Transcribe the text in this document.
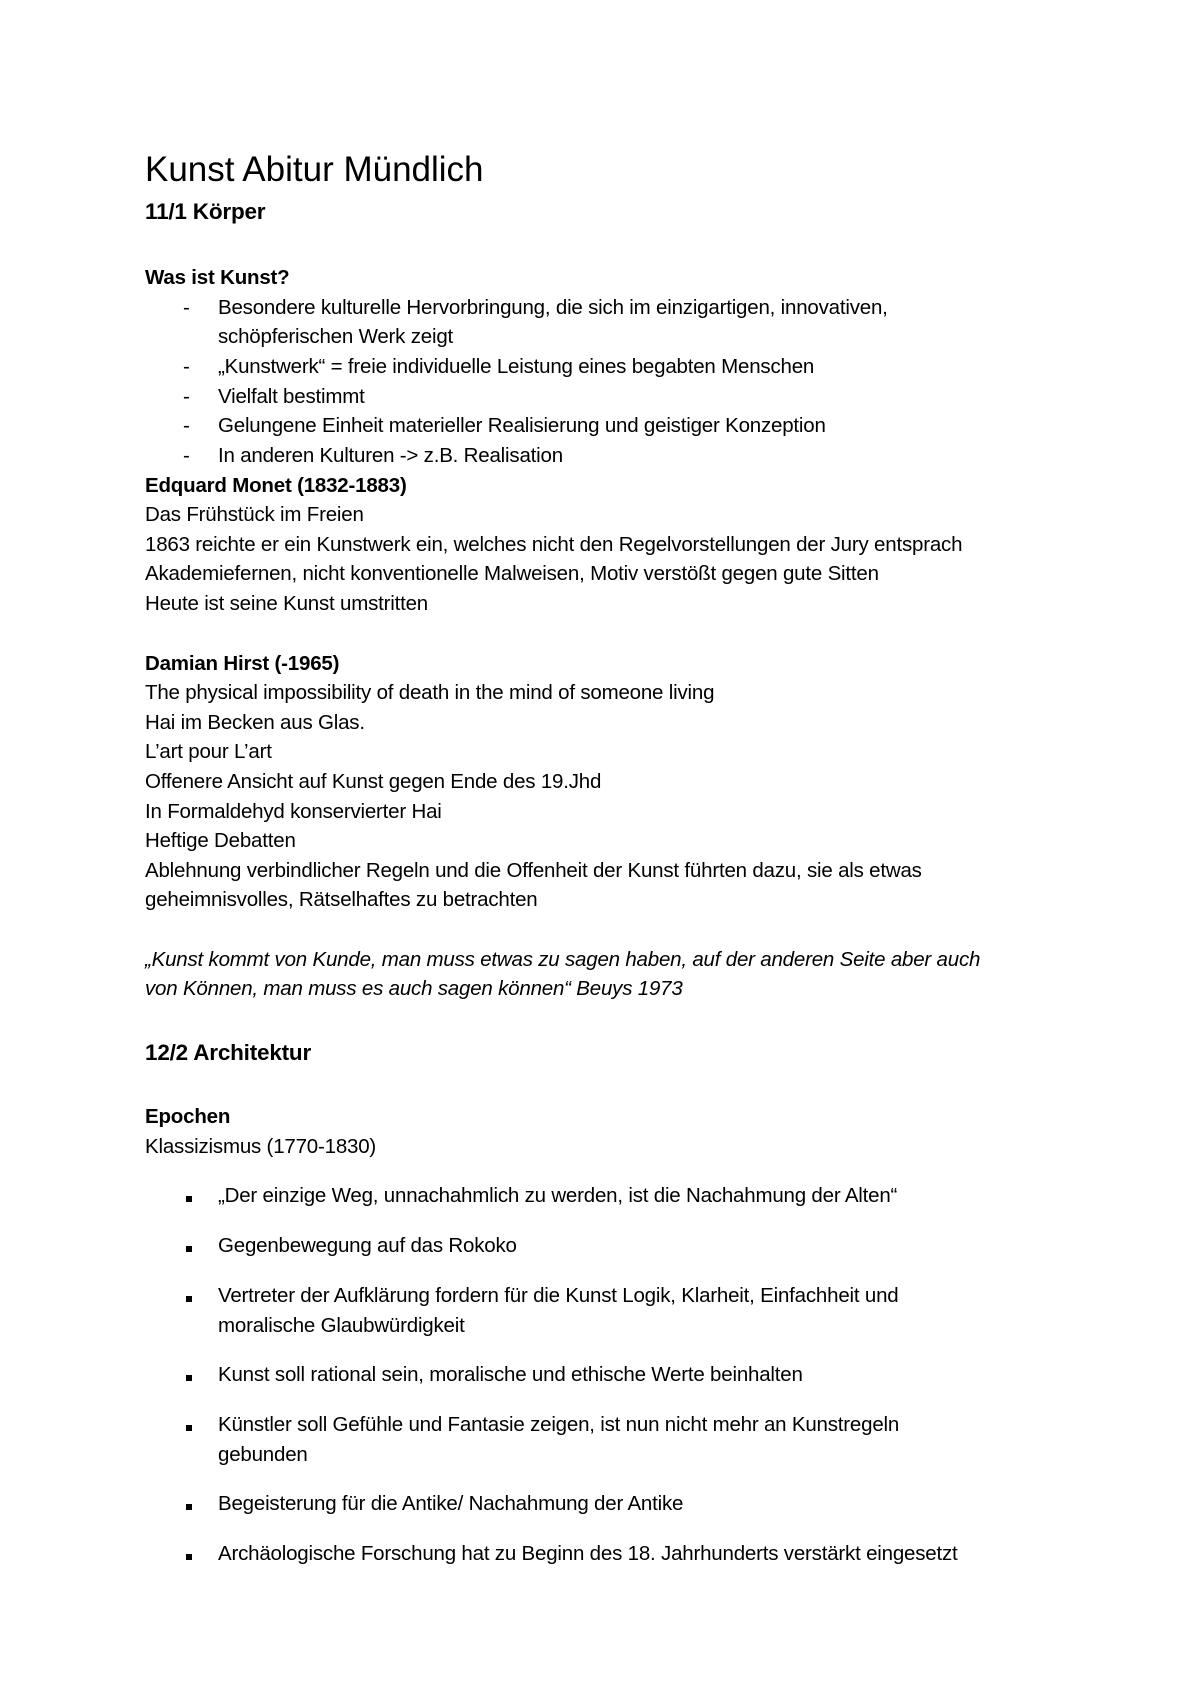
Kunst Abitur Mündlich
11/1 Körper
Was ist Kunst?
- Besondere kulturelle Hervorbringung, die sich im einzigartigen, innovativen,
schöpferischen Werk zeigt
- „Kunstwerk“ = freie individuelle Leistung eines begabten Menschen
- Vielfalt bestimmt
- Gelungene Einheit materieller Realisierung und geistiger Konzeption
- In anderen Kulturen -> z.B. Realisation
Edquard Monet (1832-1883)
Das Frühstück im Freien
1863 reichte er ein Kunstwerk ein, welches nicht den Regelvorstellungen der Jury entsprach
Akademiefernen, nicht konventionelle Malweisen, Motiv verstößt gegen gute Sitten
Heute ist seine Kunst umstritten
Damian Hirst (-1965)
The physical impossibility of death in the mind of someone living
Hai im Becken aus Glas.
L’art pour L’art
Offenere Ansicht auf Kunst gegen Ende des 19.Jhd
In Formaldehyd konservierter Hai
Heftige Debatten
Ablehnung verbindlicher Regeln und die Offenheit der Kunst führten dazu, sie als etwas
geheimnisvolles, Rätselhaftes zu betrachten
„Kunst kommt von Kunde, man muss etwas zu sagen haben, auf der anderen Seite aber auch
von Können, man muss es auch sagen können“ Beuys 1973
12/2 Architektur
Epochen
Klassizismus (1770-1830)
„Der einzige Weg, unnachahmlich zu werden, ist die Nachahmung der Alten“
Gegenbewegung auf das Rokoko
Vertreter der Aufklärung fordern für die Kunst Logik, Klarheit, Einfachheit und
moralische Glaubwürdigkeit
Kunst soll rational sein, moralische und ethische Werte beinhalten
Künstler soll Gefühle und Fantasie zeigen, ist nun nicht mehr an Kunstregeln
gebunden
Begeisterung für die Antike/ Nachahmung der Antike
Archäologische Forschung hat zu Beginn des 18. Jahrhunderts verstärkt eingesetzt
